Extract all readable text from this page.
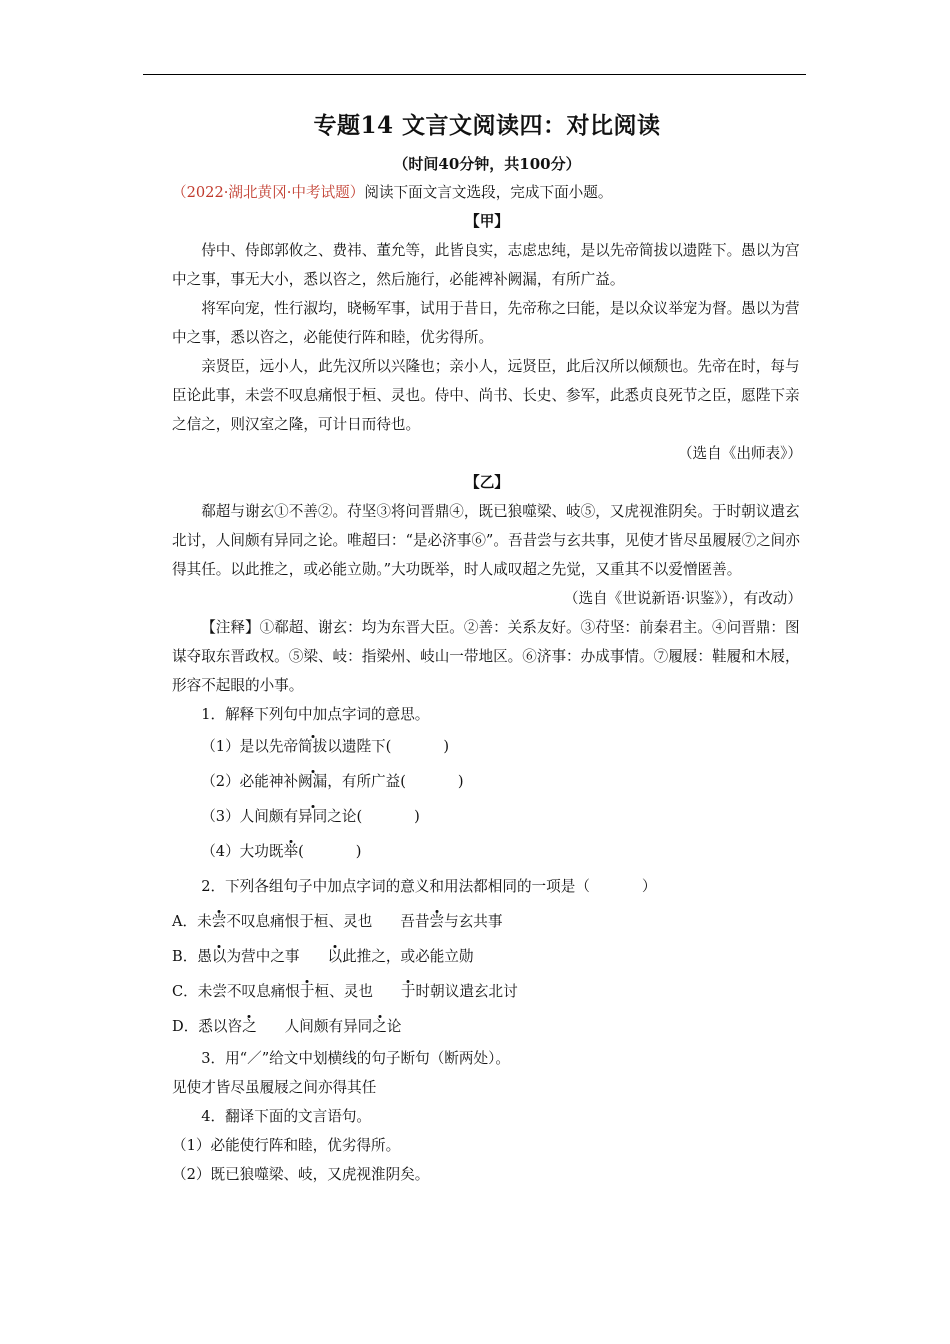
专题14 文言文阅读四：对比阅读
（时间40分钟，共100分）

（2022·湖北黄冈·中考试题）阅读下面文言文选段，完成下面小题。

【甲】

侍中、侍郎郭攸之、费祎、董允等，此皆良实，志虑忠纯，是以先帝简拔以遗陛下。愚以为宫中之事，事无大小，悉以咨之，然后施行，必能裨补阙漏，有所广益。

将军向宠，性行淑均，晓畅军事，试用于昔日，先帝称之曰能，是以众议举宠为督。愚以为营中之事，悉以咨之，必能使行阵和睦，优劣得所。

亲贤臣，远小人，此先汉所以兴隆也；亲小人，远贤臣，此后汉所以倾颓也。先帝在时，每与臣论此事，未尝不叹息痛恨于桓、灵也。侍中、尚书、长史、参军，此悉贞良死节之臣，愿陛下亲之信之，则汉室之隆，可计日而待也。

（选自《出师表》）

【乙】

郗超与谢玄①不善②。苻坚③将问晋鼎④，既已狼噬梁、岐⑤，又虎视淮阴矣。于时朝议遣玄北讨，人间颇有异同之论。唯超曰：“是必济事⑥”。吾昔尝与玄共事，见使才皆尽虽履屐⑦之间亦得其任。以此推之，或必能立勋。”大功既举，时人咸叹超之先觉，又重其不以爱憎匿善。

（选自《世说新语·识鉴》），有改动）

【注释】①郗超、谢玄：均为东晋大臣。②善：关系友好。③苻坚：前秦君主。④问晋鼎：图谋夺取东晋政权。⑤梁、岐：指梁州、岐山一带地区。⑥济事：办成事情。⑦履屐：鞋履和木屐，形容不起眼的小事。

1．解释下列句中加点字词的意思。

（1）是以先帝简拔以遗陛下(	)

（2）必能神补阙漏，有所广益(	)

（3）人间颇有异同之论(	)

（4）大功既举(	)

2．下列各组句子中加点字词的意义和用法都相同的一项是（	）

A．未尝不叹息痛恨于桓、灵也 吾昔尝与玄共事

B．愚以为营中之事 以此推之，或必能立勋

C．未尝不叹息痛恨于桓、灵也 于时朝议遣玄北讨

D．悉以咨之 人间颇有异同之论

3．用“／”给文中划横线的句子断句（断两处）。

见使才皆尽虽履屐之间亦得其任

4．翻译下面的文言语句。

（1）必能使行阵和睦，优劣得所。

（2）既已狼噬梁、岐，又虎视淮阴矣。
